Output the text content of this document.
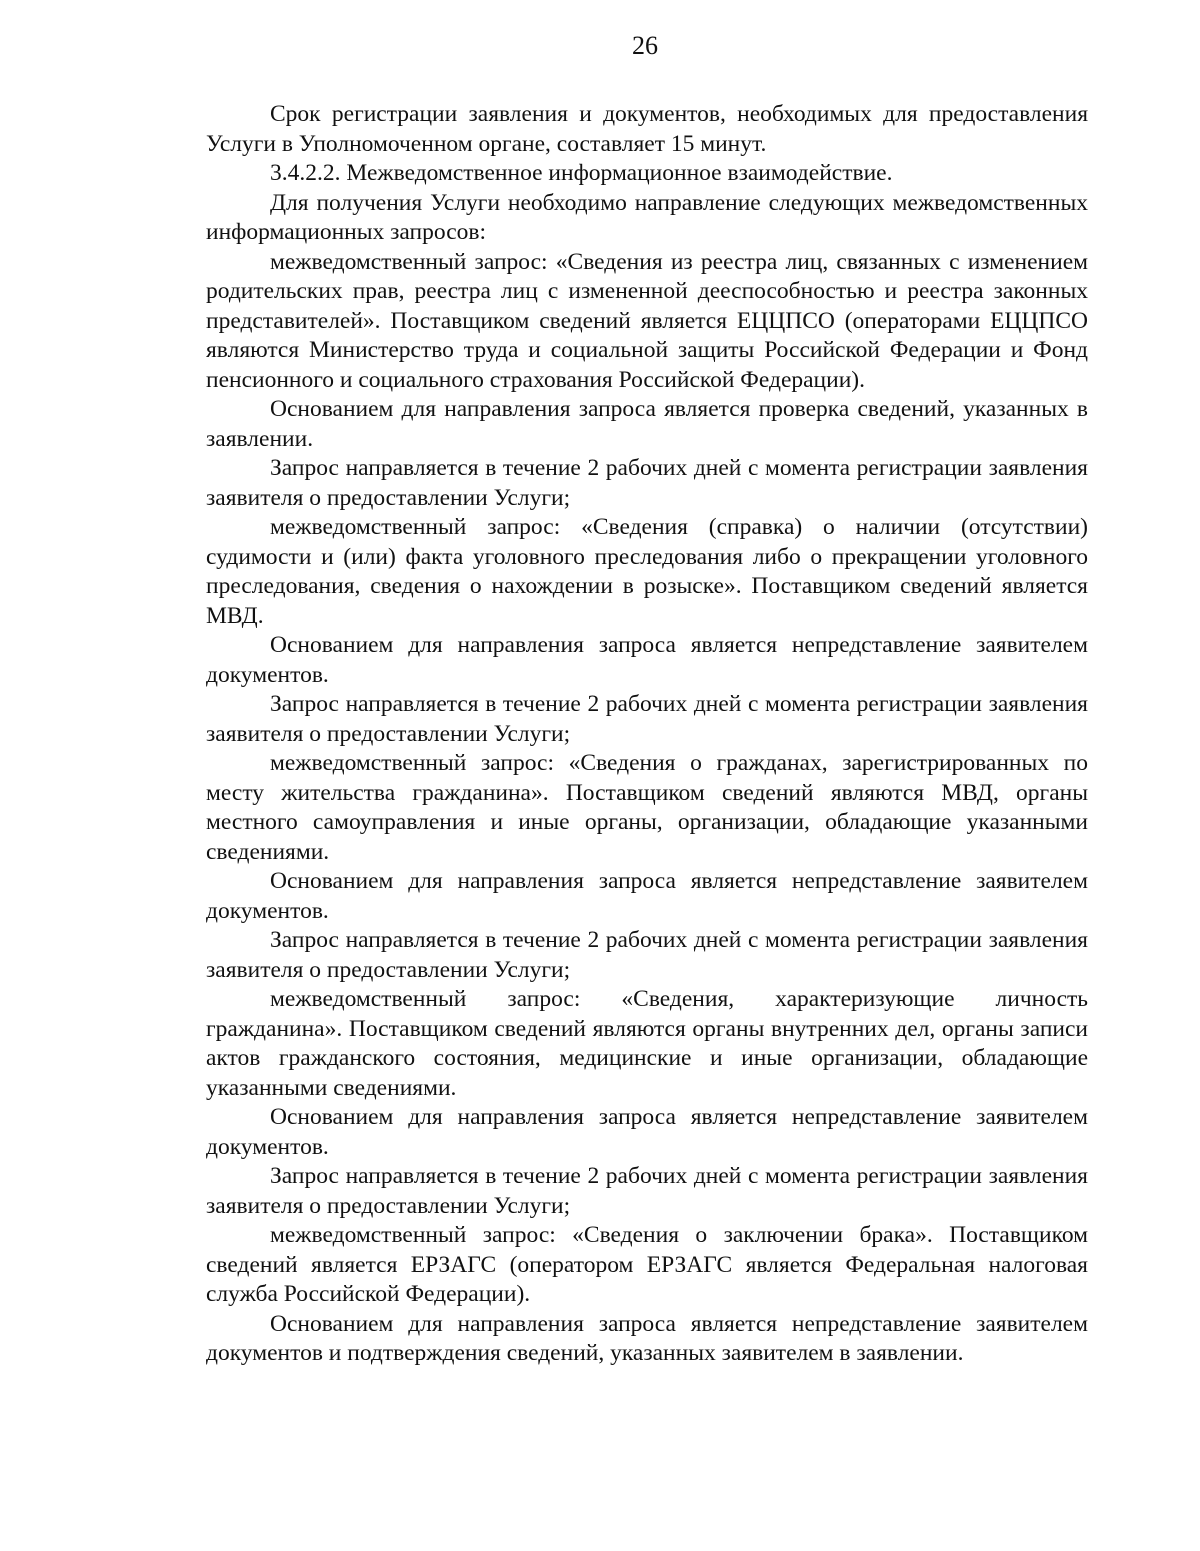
26

Срок регистрации заявления и документов, необходимых для предоставления Услуги в Уполномоченном органе, составляет 15 минут.

3.4.2.2. Межведомственное информационное взаимодействие.

Для получения Услуги необходимо направление следующих межведомственных информационных запросов:

межведомственный запрос: «Сведения из реестра лиц, связанных с изменением родительских прав, реестра лиц с измененной дееспособностью и реестра законных представителей». Поставщиком сведений является ЕЦЦПСО (операторами ЕЦЦПСО являются Министерство труда и социальной защиты Российской Федерации и Фонд пенсионного и социального страхования Российской Федерации).

Основанием для направления запроса является проверка сведений, указанных в заявлении.

Запрос направляется в течение 2 рабочих дней с момента регистрации заявления заявителя о предоставлении Услуги;

межведомственный запрос: «Сведения (справка) о наличии (отсутствии) судимости и (или) факта уголовного преследования либо о прекращении уголовного преследования, сведения о нахождении в розыске». Поставщиком сведений является МВД.

Основанием для направления запроса является непредставление заявителем документов.

Запрос направляется в течение 2 рабочих дней с момента регистрации заявления заявителя о предоставлении Услуги;

межведомственный запрос: «Сведения о гражданах, зарегистрированных по месту жительства гражданина». Поставщиком сведений являются МВД, органы местного самоуправления и иные органы, организации, обладающие указанными сведениями.

Основанием для направления запроса является непредставление заявителем документов.

Запрос направляется в течение 2 рабочих дней с момента регистрации заявления заявителя о предоставлении Услуги;

межведомственный запрос: «Сведения, характеризующие личность гражданина». Поставщиком сведений являются органы внутренних дел, органы записи актов гражданского состояния, медицинские и иные организации, обладающие указанными сведениями.

Основанием для направления запроса является непредставление заявителем документов.

Запрос направляется в течение 2 рабочих дней с момента регистрации заявления заявителя о предоставлении Услуги;

межведомственный запрос: «Сведения о заключении брака». Поставщиком сведений является ЕРЗАГС (оператором ЕРЗАГС является Федеральная налоговая служба Российской Федерации).

Основанием для направления запроса является непредставление заявителем документов и подтверждения сведений, указанных заявителем в заявлении.
